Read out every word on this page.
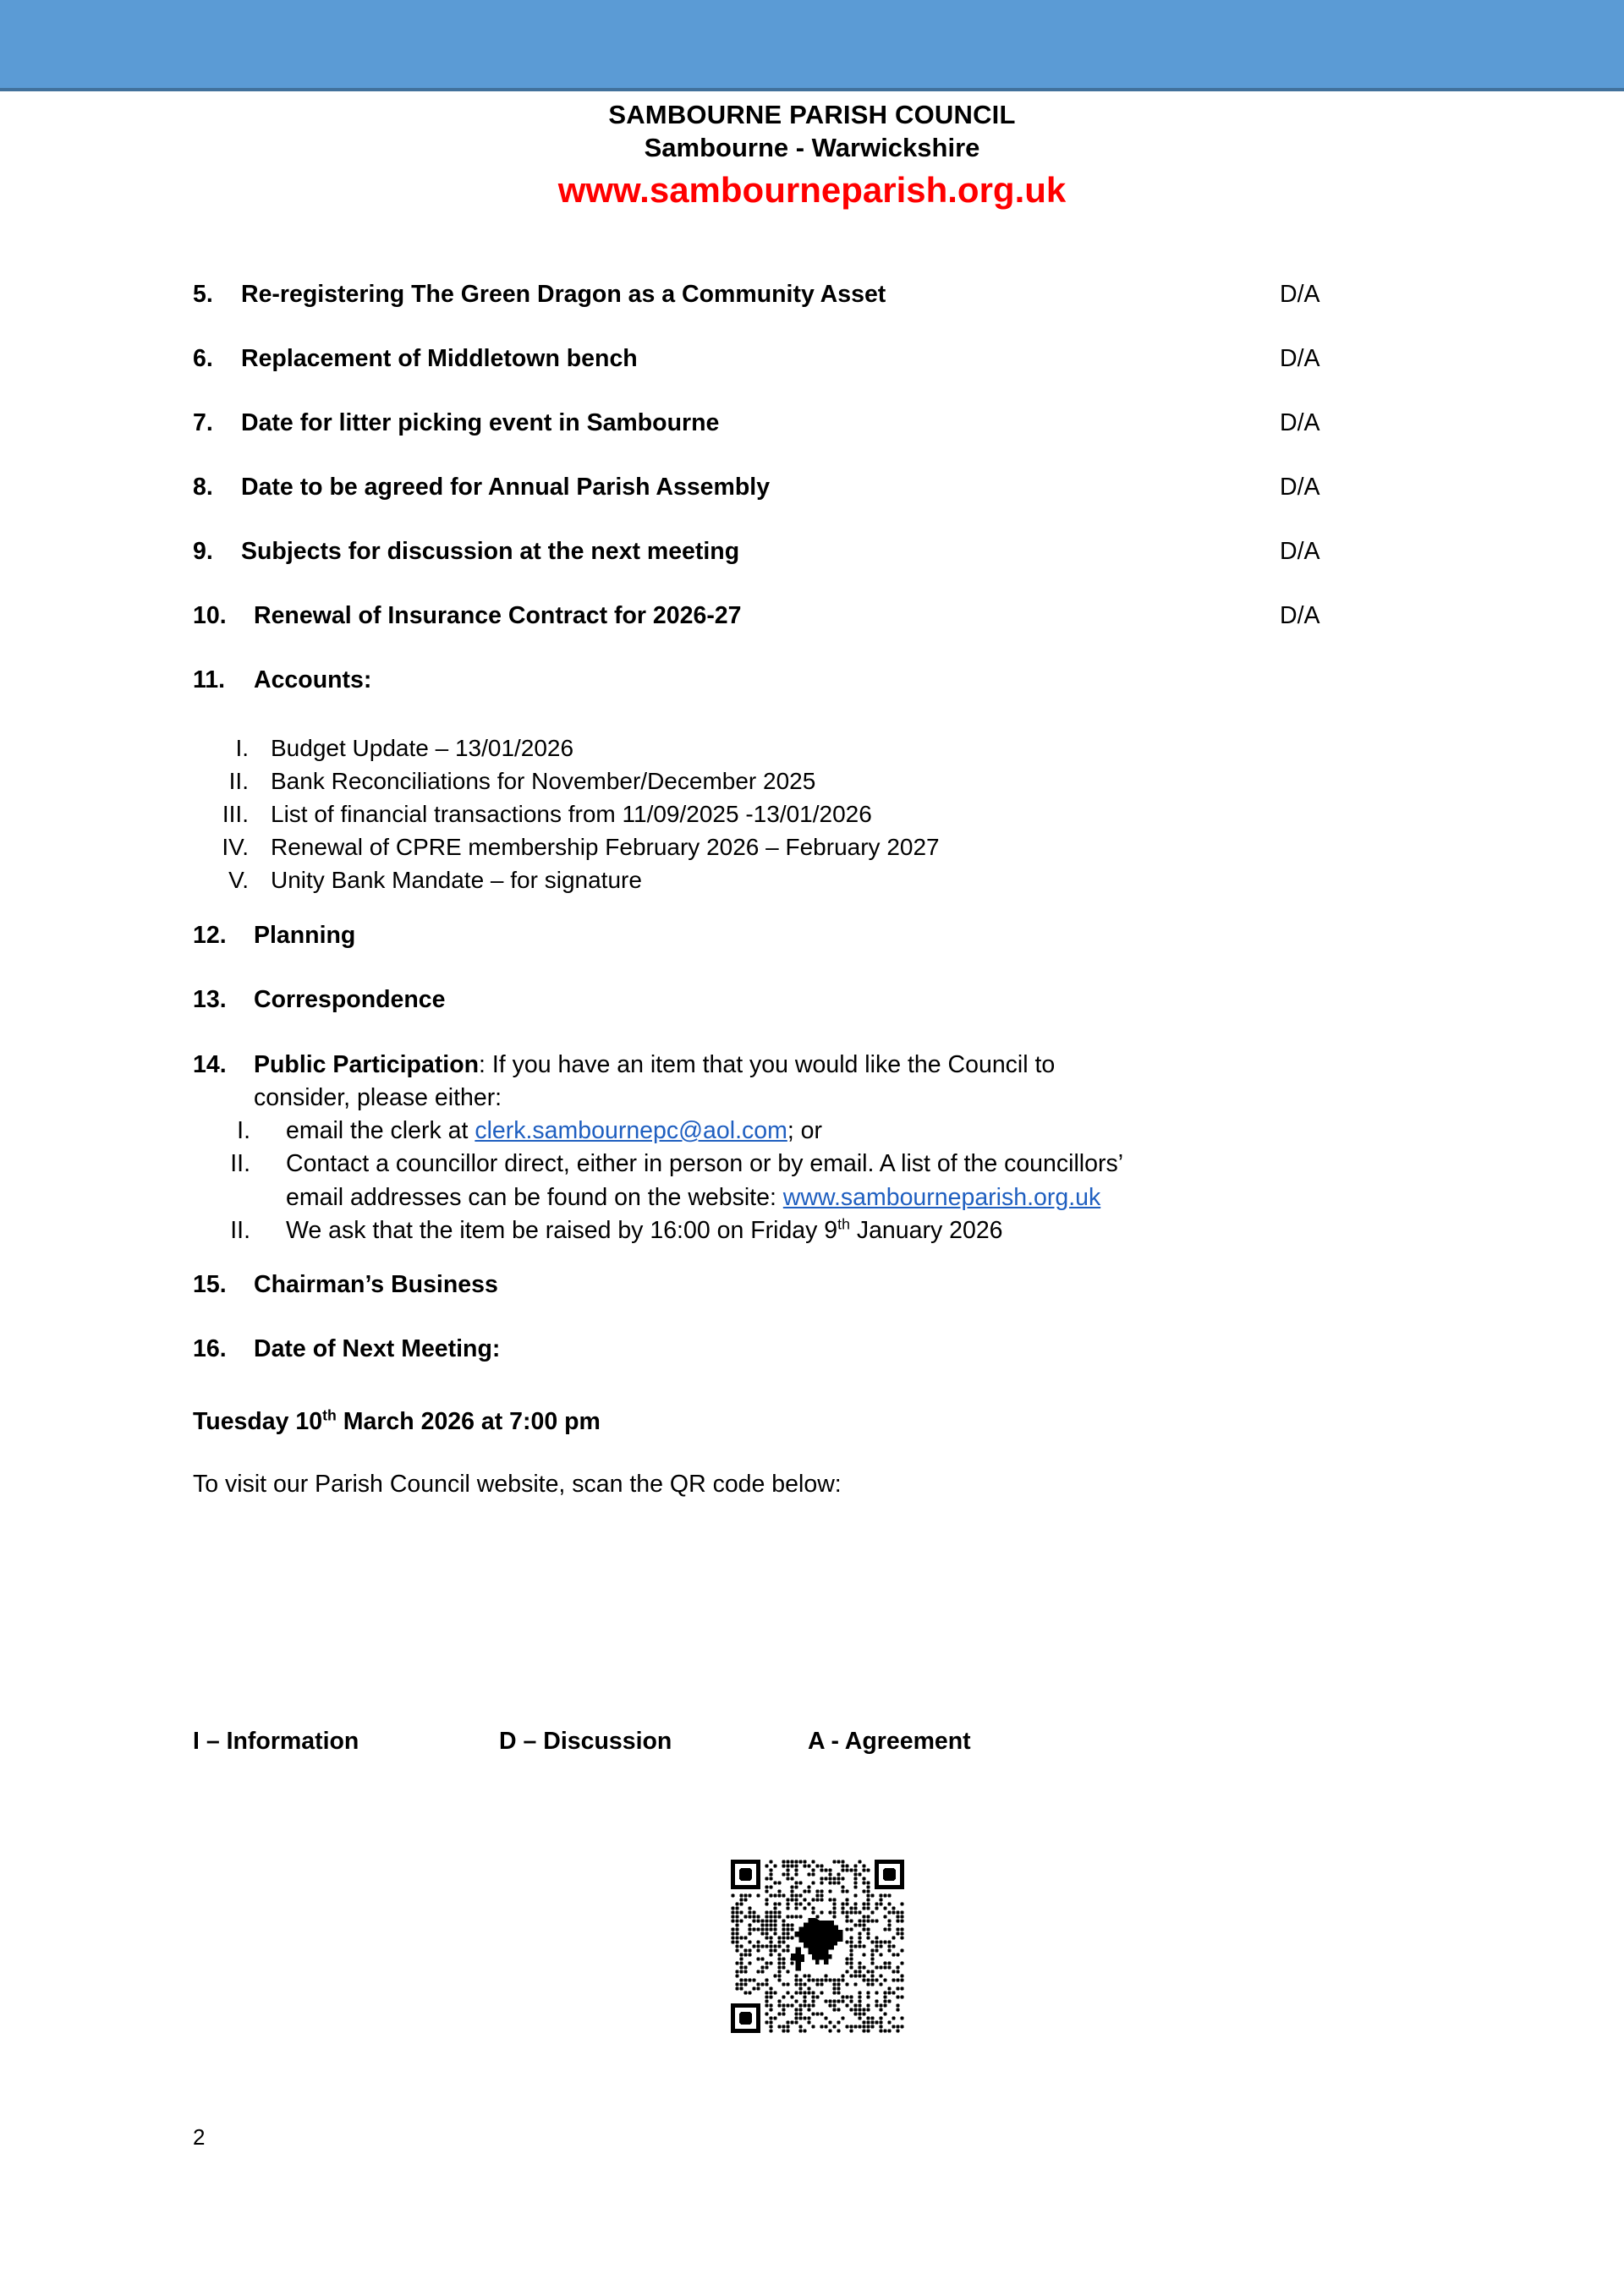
SAMBOURNE PARISH COUNCIL
Sambourne - Warwickshire
www.sambourneparish.org.uk
5.	Re-registering The Green Dragon as a Community Asset	D/A
6.	Replacement of Middletown bench	D/A
7.	Date for litter picking event in Sambourne	D/A
8.	Date to be agreed for Annual Parish Assembly	D/A
9.	Subjects for discussion at the next meeting	D/A
10.	Renewal of Insurance Contract for 2026-27	D/A
11.	Accounts:
I. Budget Update – 13/01/2026
II. Bank Reconciliations for November/December 2025
III. List of financial transactions from 11/09/2025 -13/01/2026
IV. Renewal of CPRE membership February 2026 – February 2027
V. Unity Bank Mandate – for signature
12.	Planning
13.	Correspondence
14.	Public Participation: If you have an item that you would like the Council to
consider, please either:
I.	email the clerk at clerk.sambournepc@aol.com; or
II.	Contact a councillor direct, either in person or by email. A list of the councillors’
email addresses can be found on the website: www.sambourneparish.org.uk
II.	We ask that the item be raised by 16:00 on Friday 9th January 2026
15.	Chairman’s Business
16.	Date of Next Meeting:
Tuesday 10th March 2026 at 7:00 pm
To visit our Parish Council website, scan the QR code below:
I – Information	D – Discussion	A - Agreement
2
